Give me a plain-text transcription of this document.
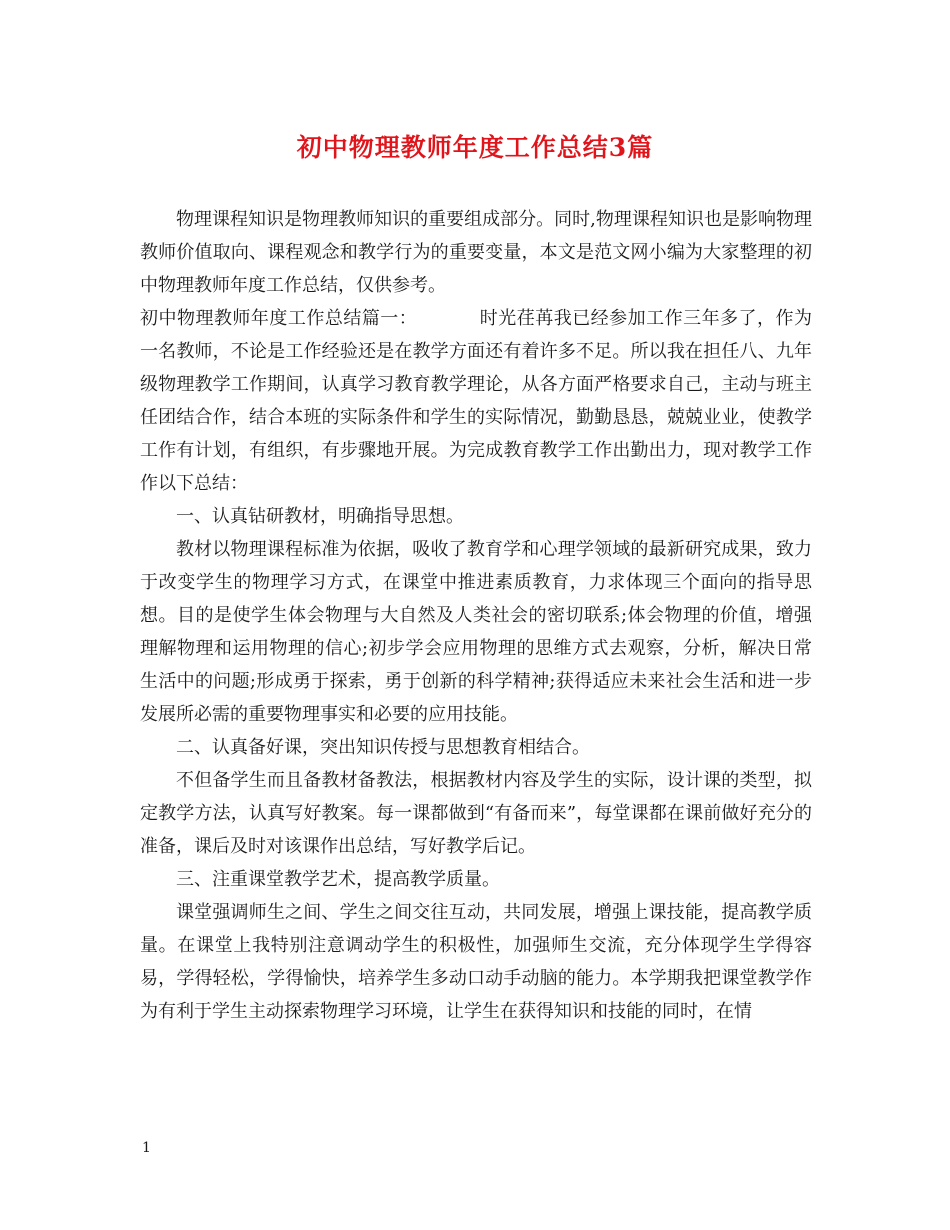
初中物理教师年度工作总结3篇

物理课程知识是物理教师知识的重要组成部分。同时,物理课程知识也是影响物理教师价值取向、课程观念和教学行为的重要变量，本文是范文网小编为大家整理的初中物理教师年度工作总结，仅供参考。

初中物理教师年度工作总结篇一：	时光荏苒我已经参加工作三年多了，作为一名教师，不论是工作经验还是在教学方面还有着许多不足。所以我在担任八、九年级物理教学工作期间，认真学习教育教学理论，从各方面严格要求自己，主动与班主任团结合作，结合本班的实际条件和学生的实际情况，勤勤恳恳，兢兢业业，使教学工作有计划，有组织，有步骤地开展。为完成教育教学工作出勤出力，现对教学工作作以下总结：

一、认真钻研教材，明确指导思想。

教材以物理课程标准为依据，吸收了教育学和心理学领域的最新研究成果，致力于改变学生的物理学习方式，在课堂中推进素质教育，力求体现三个面向的指导思想。目的是使学生体会物理与大自然及人类社会的密切联系;体会物理的价值，增强理解物理和运用物理的信心;初步学会应用物理的思维方式去观察，分析，解决日常生活中的问题;形成勇于探索，勇于创新的科学精神;获得适应未来社会生活和进一步发展所必需的重要物理事实和必要的应用技能。

二、认真备好课，突出知识传授与思想教育相结合。

不但备学生而且备教材备教法，根据教材内容及学生的实际，设计课的类型，拟定教学方法，认真写好教案。每一课都做到“有备而来”，每堂课都在课前做好充分的准备，课后及时对该课作出总结，写好教学后记。

三、注重课堂教学艺术，提高教学质量。

课堂强调师生之间、学生之间交往互动，共同发展，增强上课技能，提高教学质量。在课堂上我特别注意调动学生的积极性，加强师生交流，充分体现学生学得容易，学得轻松，学得愉快，培养学生多动口动手动脑的能力。本学期我把课堂教学作为有利于学生主动探索物理学习环境，让学生在获得知识和技能的同时，在情

1
